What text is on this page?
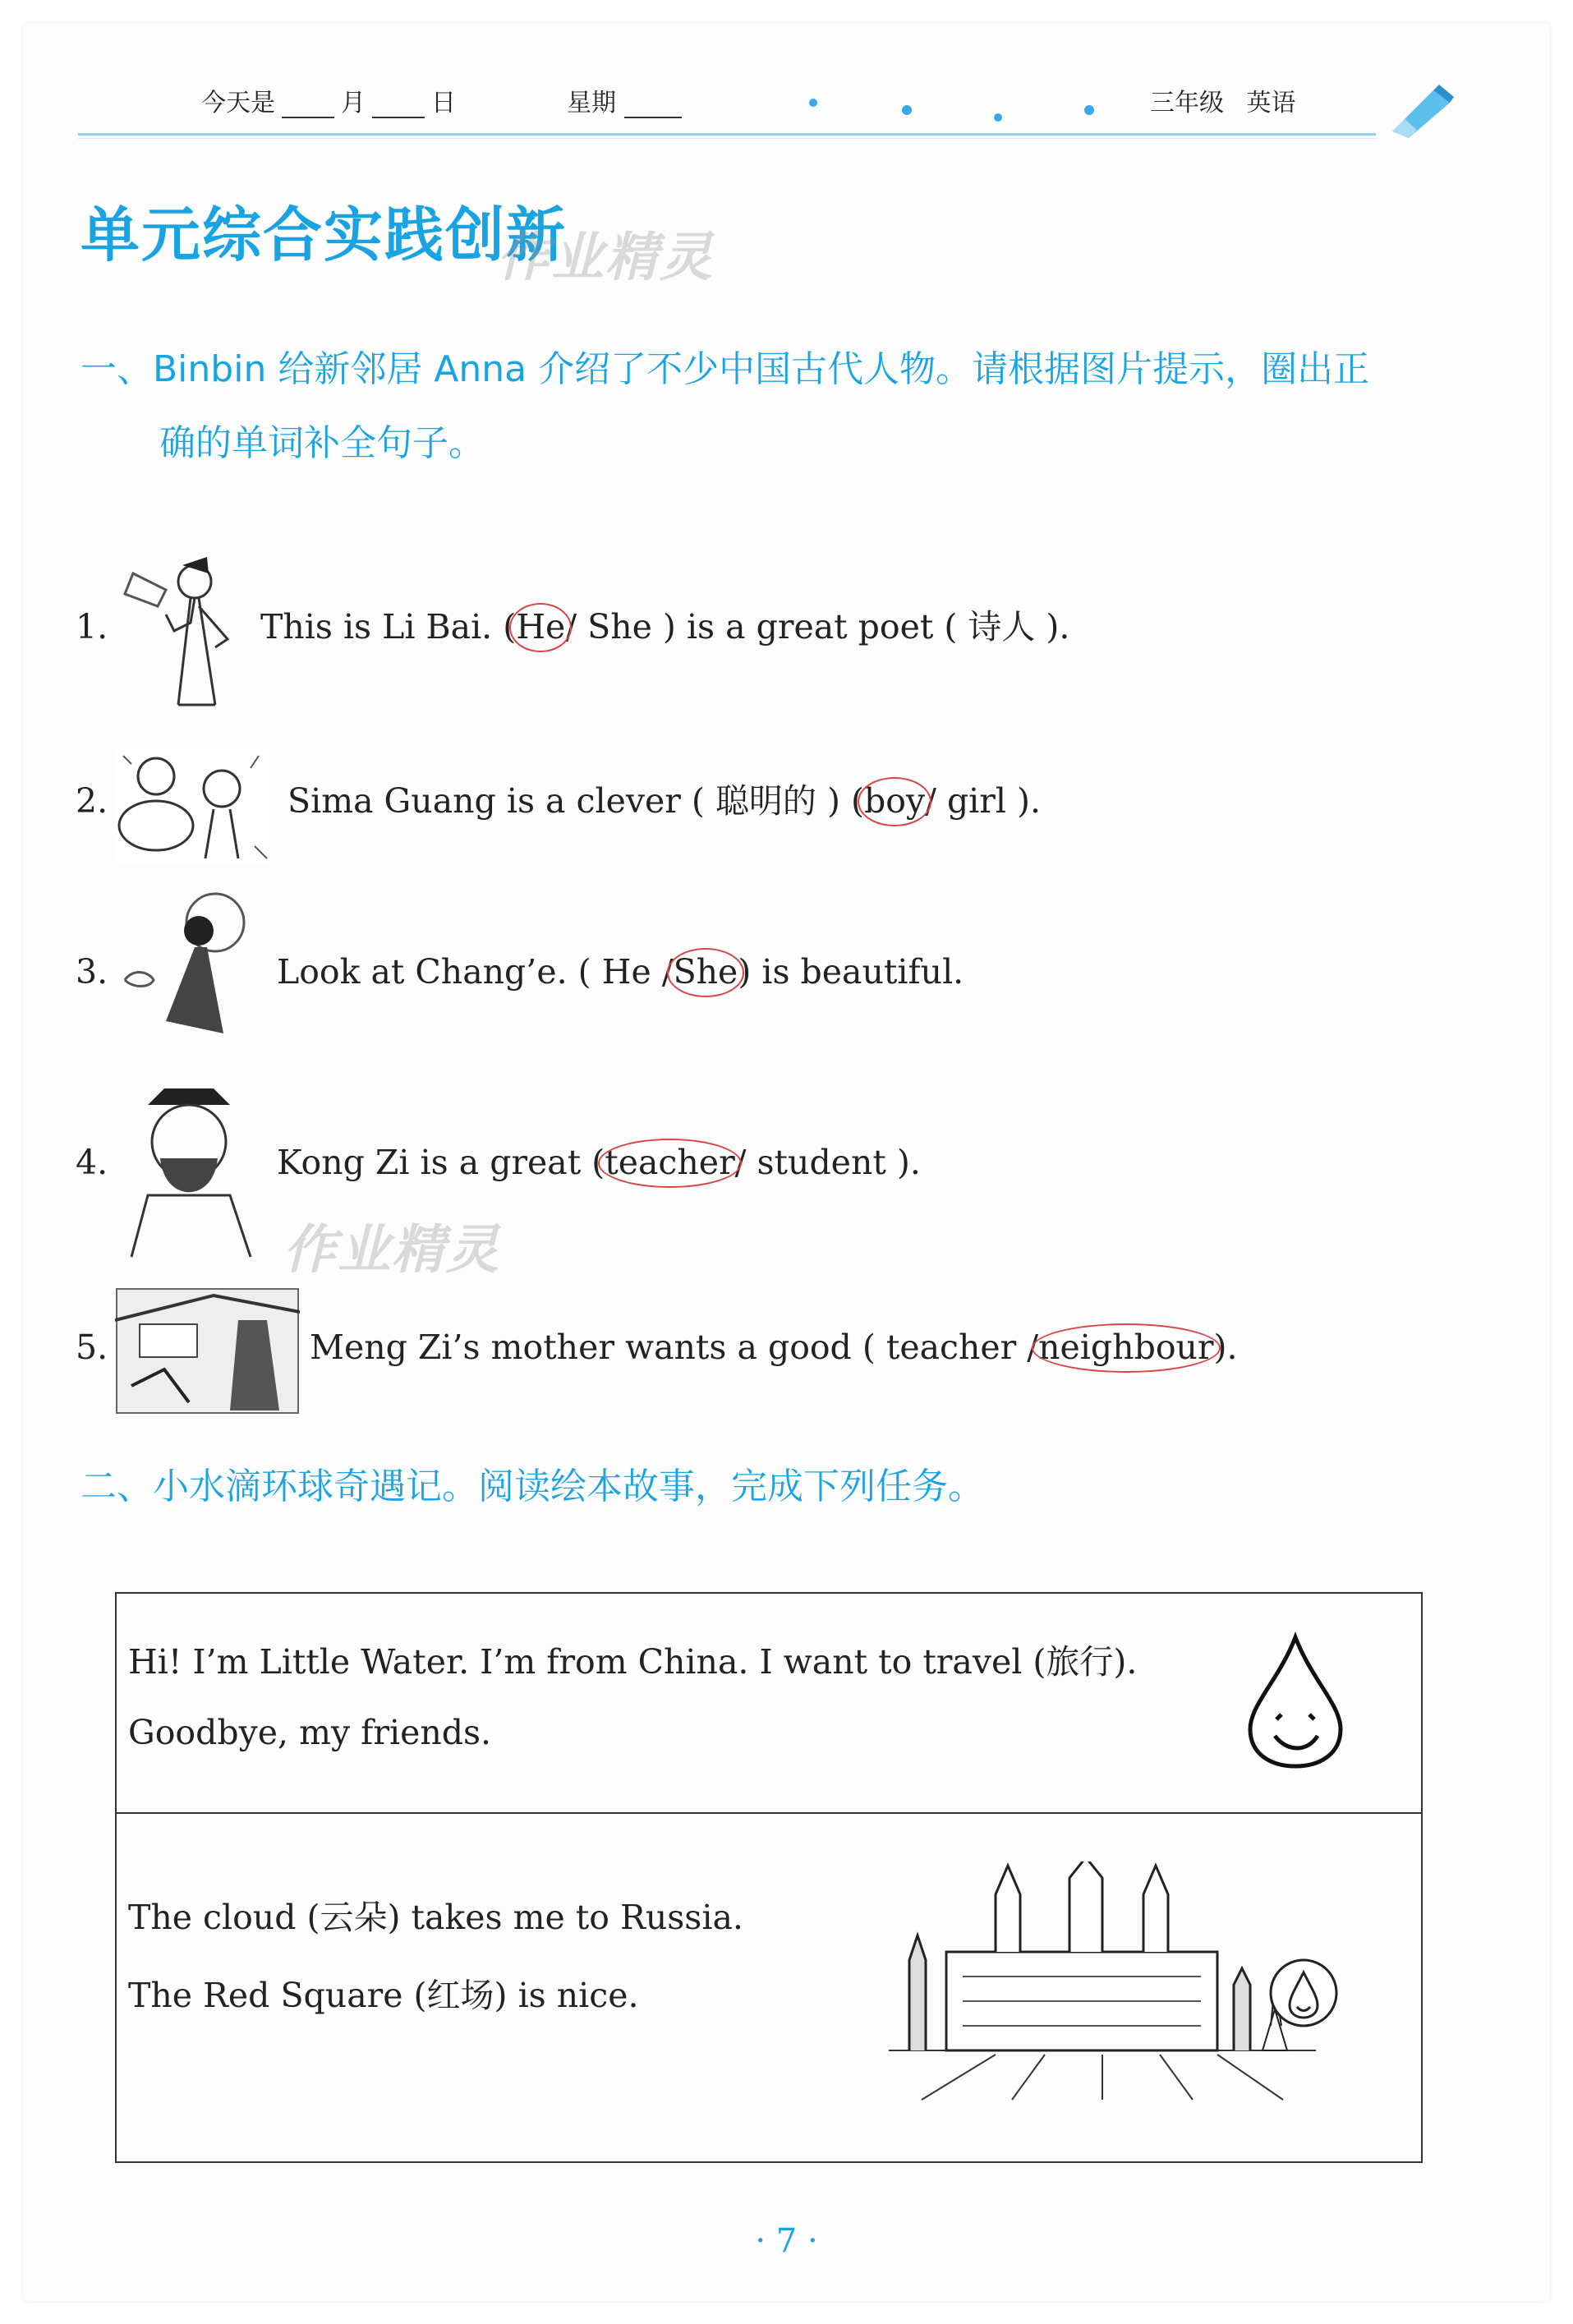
今天是	月	日	星期	三年级 英语
单元综合实践创新
作业精灵
一、Binbin 给新邻居 Anna 介绍了不少中国古代人物。请根据图片提示，圈出正
确的单词补全句子。
1.	This is Li Bai. (He/ She ) is a great poet ( 诗人 ).
2.	Sima Guang is a clever ( 聪明的 ) (boy/ girl ).
3.	Look at Chang’e. ( He /She) is beautiful.
4.	Kong Zi is a great (teacher/ student ).
作业精灵
5.	Meng Zi’s mother wants a good ( teacher /neighbour).
二、小水滴环球奇遇记。阅读绘本故事，完成下列任务。
Hi! I’m Little Water. I’m from China. I want to travel (旅行).
Goodbye, my friends.
The cloud (云朵) takes me to Russia.
The Red Square (红场) is nice.
· 7 ·
